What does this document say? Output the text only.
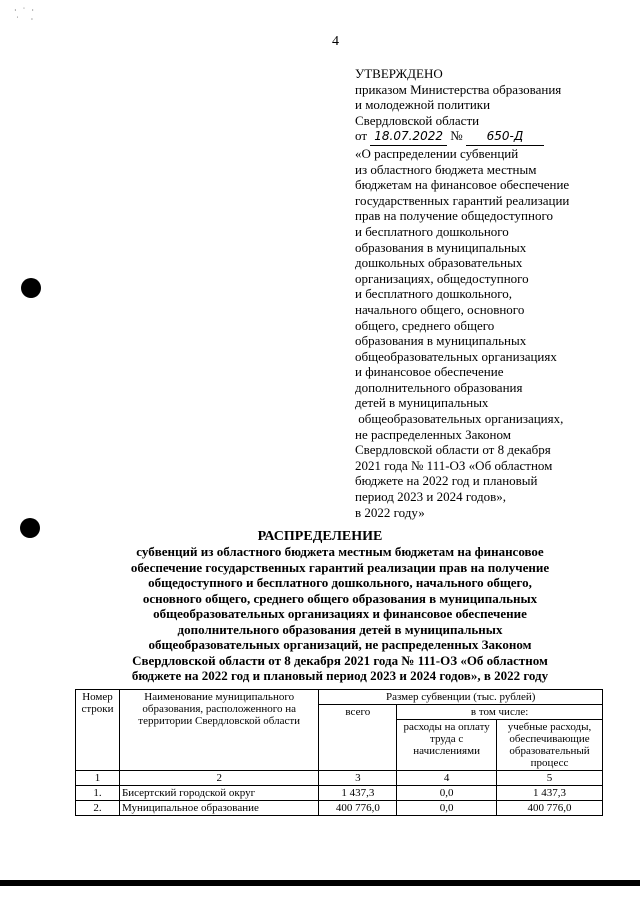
·   ˙   ·
˙      ·
4
УТВЕРЖДЕНО
приказом Министерства образования
и молодежной политики
Свердловской области
от 18.07.2022 № 650-Д
«О распределении субвенций
из областного бюджета местным
бюджетам на финансовое обеспечение
государственных гарантий реализации
прав на получение общедоступного
и бесплатного дошкольного
образования в муниципальных
дошкольных образовательных
организациях, общедоступного
и бесплатного дошкольного,
начального общего, основного
общего, среднего общего
образования в муниципальных
общеобразовательных организациях
и финансовое обеспечение
дополнительного образования
детей в муниципальных
общеобразовательных организациях,
не распределенных Законом
Свердловской области от 8 декабря
2021 года № 111-ОЗ «Об областном
бюджете на 2022 год и плановый
период 2023 и 2024 годов»,
в 2022 году»
РАСПРЕДЕЛЕНИЕ
субвенций из областного бюджета местным бюджетам на финансовое
обеспечение государственных гарантий реализации прав на получение
общедоступного и бесплатного дошкольного, начального общего,
основного общего, среднего общего образования в муниципальных
общеобразовательных организациях и финансовое обеспечение
дополнительного образования детей в муниципальных
общеобразовательных организаций, не распределенных Законом
Свердловской области от 8 декабря 2021 года № 111-ОЗ «Об областном
бюджете на 2022 год и плановый период 2023 и 2024 годов», в 2022 году
Номер строки	Наименование муниципального образования, расположенного на территории Свердловской области	Размер субвенции (тыс. рублей)		
		всего	в том числе:	
			расходы на оплату труда с начислениями	учебные расходы, обеспечивающие образовательный процесс
1	2	3	4	5
1.	Бисертский городской округ	1 437,3	0,0	1 437,3
2.	Муниципальное образование	400 776,0	0,0	400 776,0
